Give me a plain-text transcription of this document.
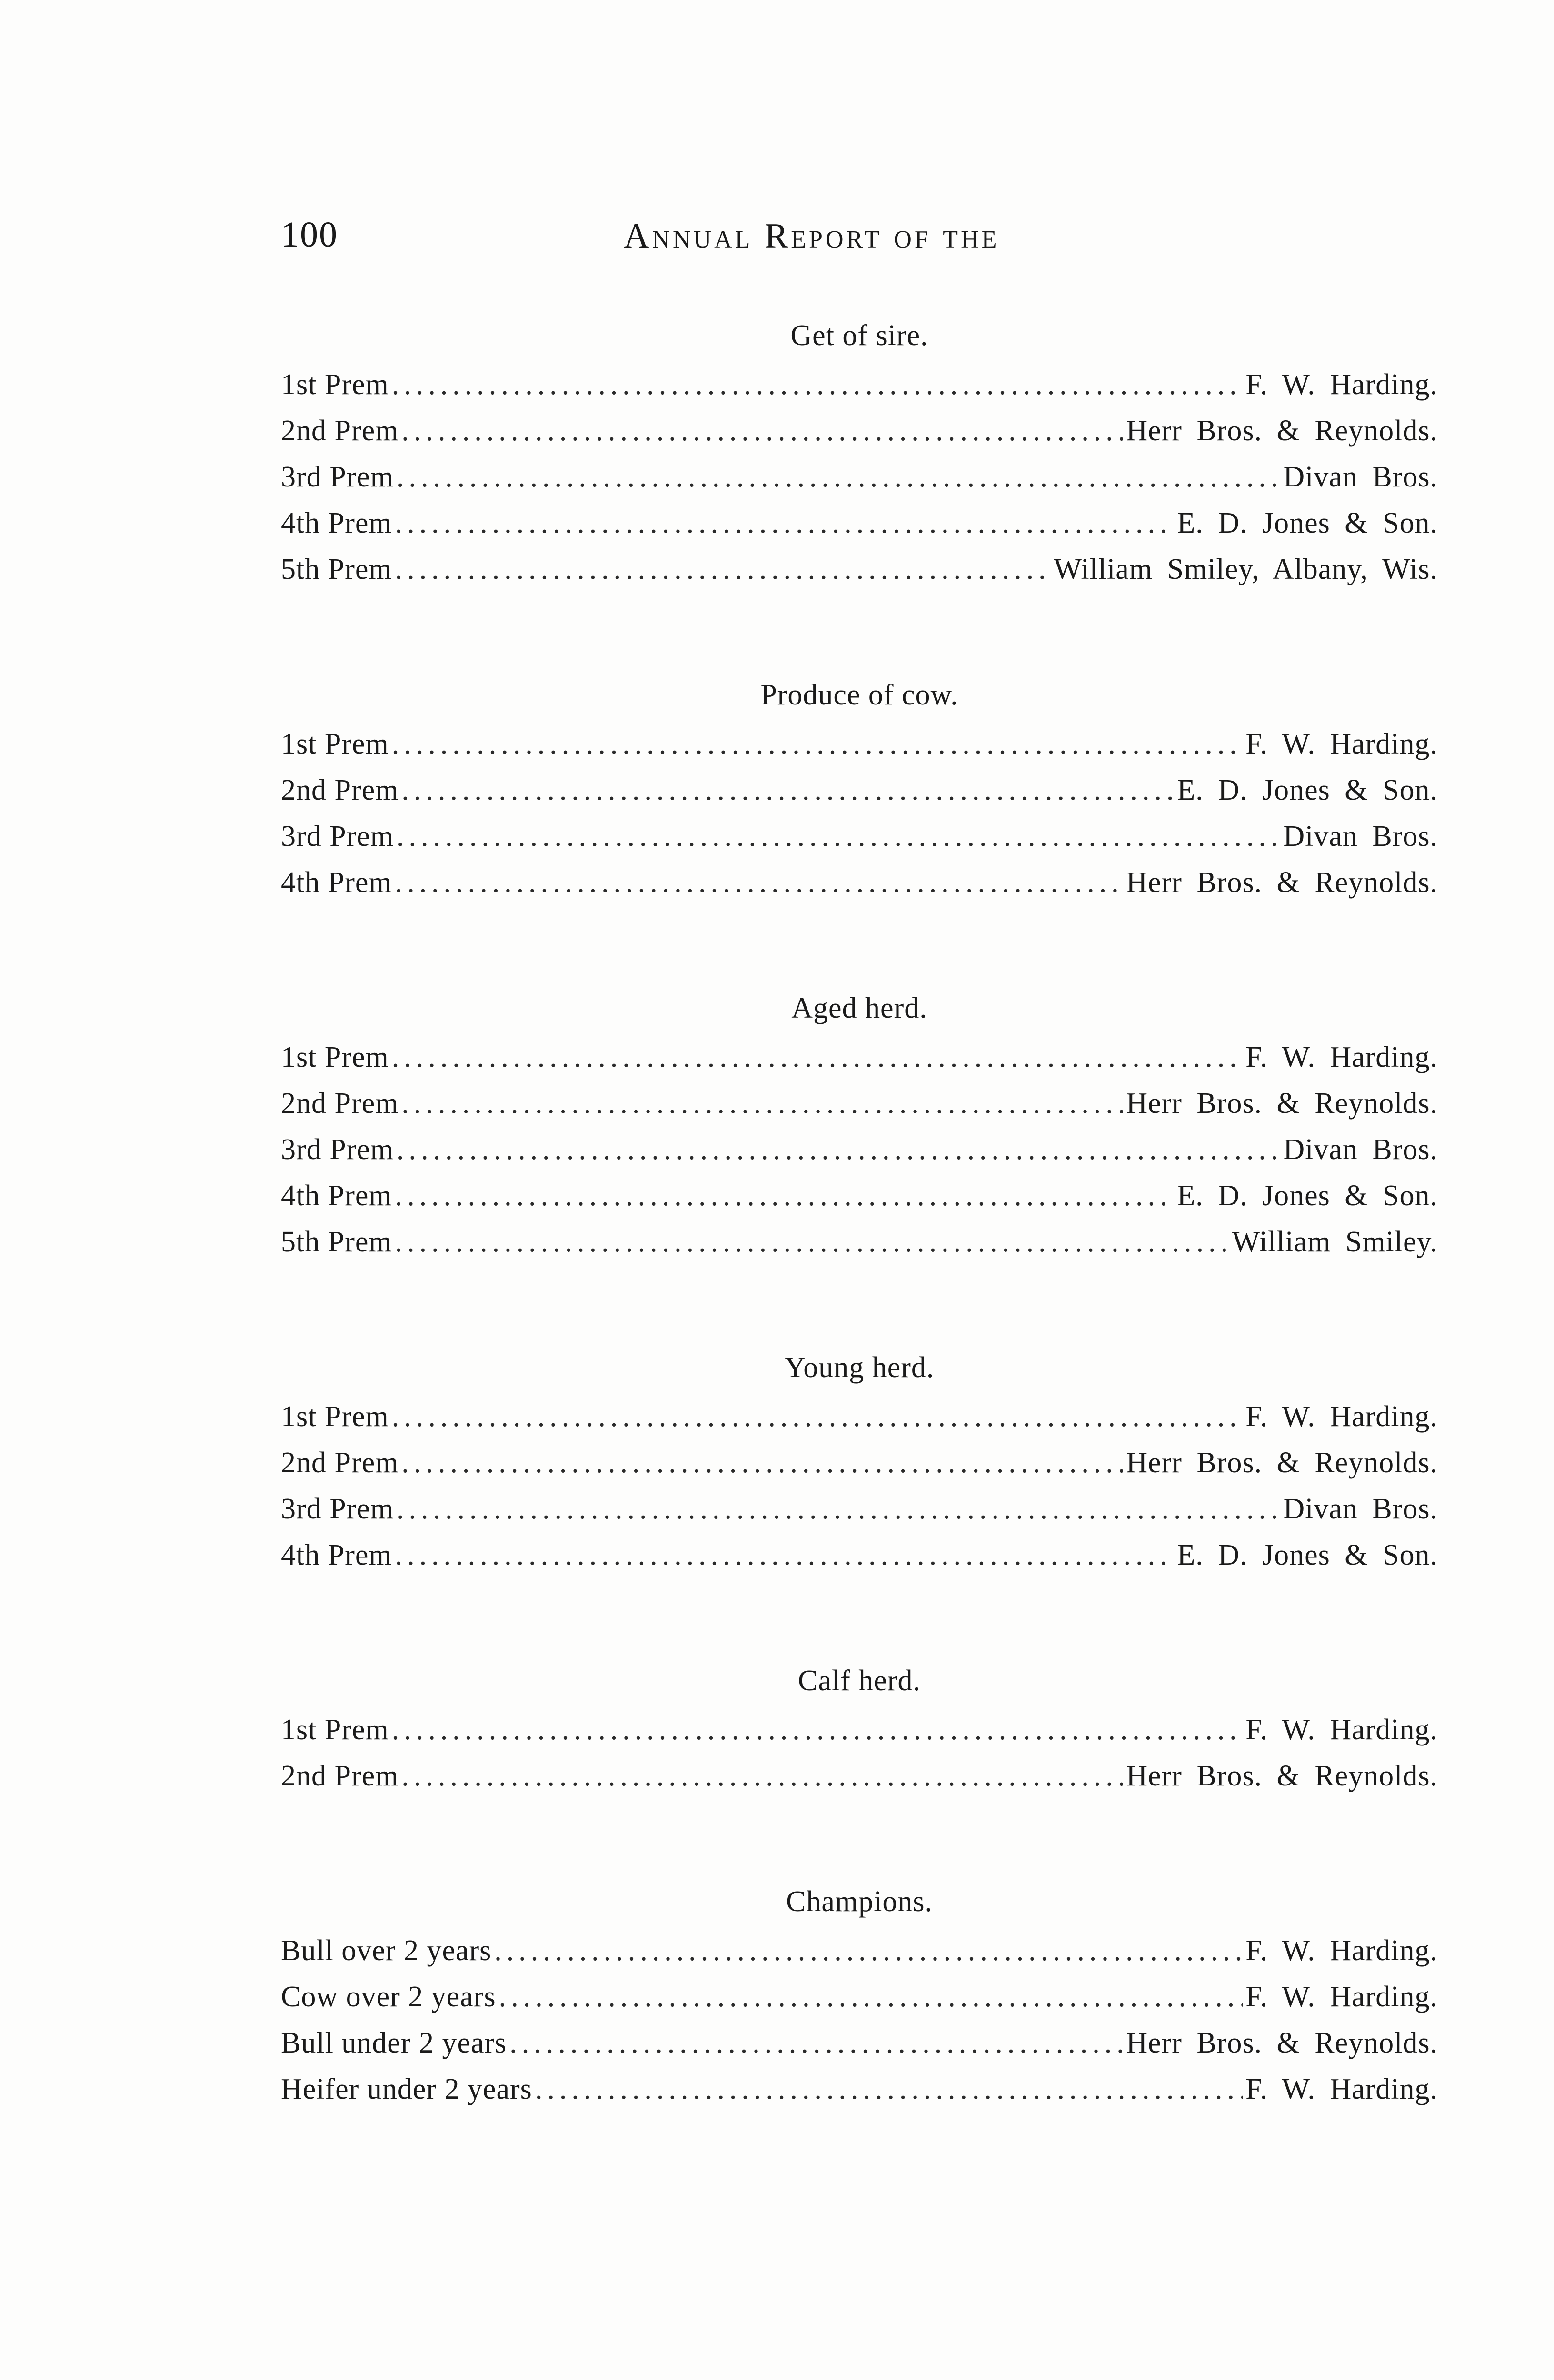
100	Annual Report of the
Get of sire.
1st Prem .....	F. W. Harding.
2nd Prem .....	Herr Bros. & Reynolds.
3rd Prem .....	Divan Bros.
4th Prem .....	E. D. Jones & Son.
5th Prem .....	William Smiley, Albany, Wis.
Produce of cow.
1st Prem .....	F. W. Harding.
2nd Prem .....	E. D. Jones & Son.
3rd Prem .....	Divan Bros.
4th Prem .....	Herr Bros. & Reynolds.
Aged herd.
1st Prem .....	F. W. Harding.
2nd Prem .....	Herr Bros. & Reynolds.
3rd Prem .....	Divan Bros.
4th Prem .....	E. D. Jones & Son.
5th Prem .....	William Smiley.
Young herd.
1st Prem .....	F. W. Harding.
2nd Prem .....	Herr Bros. & Reynolds.
3rd Prem .....	Divan Bros.
4th Prem .....	E. D. Jones & Son.
Calf herd.
1st Prem .....	F. W. Harding.
2nd Prem .....	Herr Bros. & Reynolds.
Champions.
Bull over 2 years .....	F. W. Harding.
Cow over 2 years .....	F. W. Harding.
Bull under 2 years .....	Herr Bros. & Reynolds.
Heifer under 2 years .....	F. W. Harding.
